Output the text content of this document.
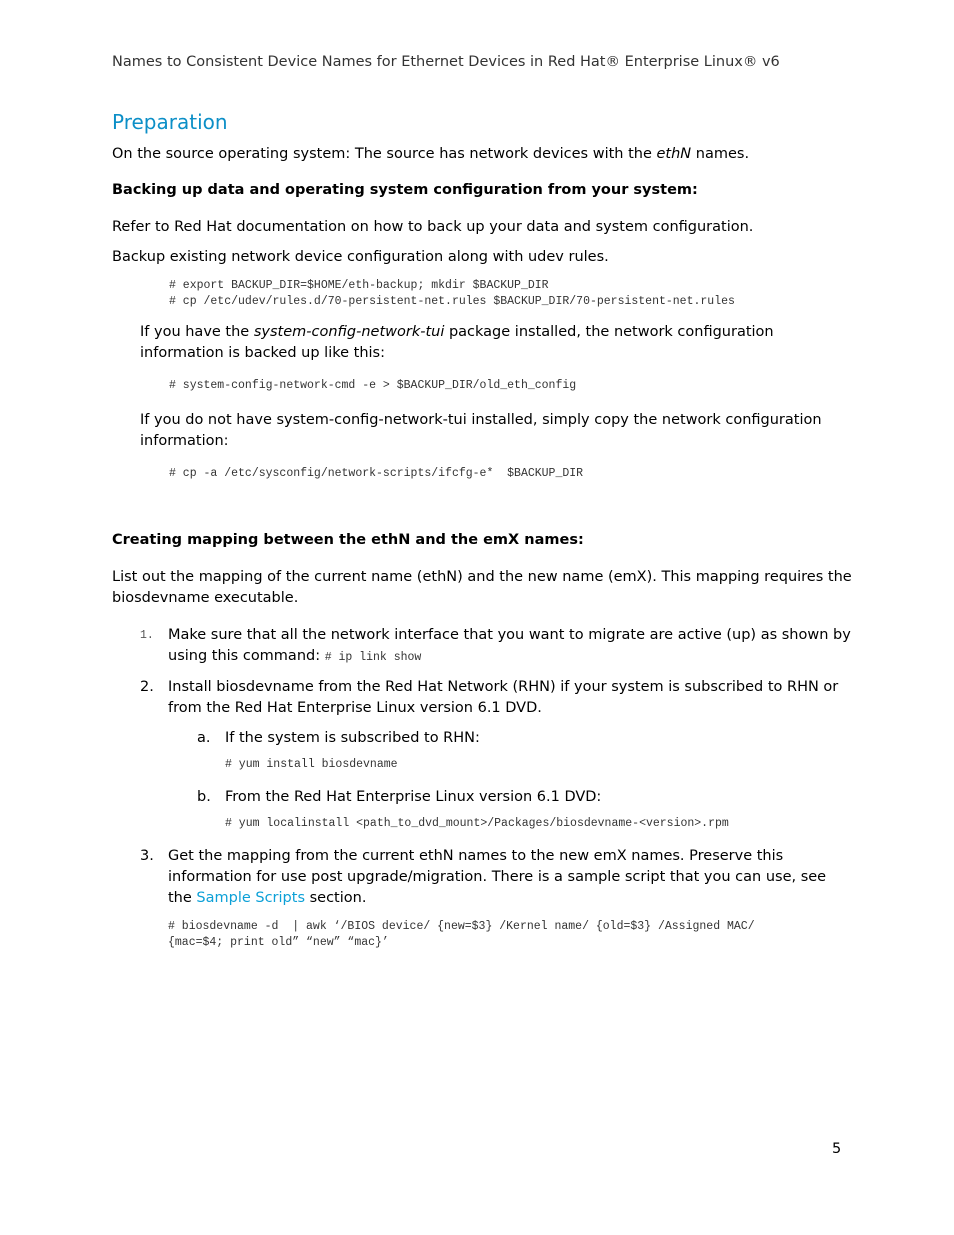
Names to Consistent Device Names for Ethernet Devices in Red Hat® Enterprise Linux® v6
Preparation

On the source operating system: The source has network devices with the ethN names.

Backing up data and operating system configuration from your system:

Refer to Red Hat documentation on how to back up your data and system configuration.

Backup existing network device configuration along with udev rules.

# export BACKUP_DIR=$HOME/eth-backup; mkdir $BACKUP_DIR
# cp /etc/udev/rules.d/70-persistent-net.rules $BACKUP_DIR/70-persistent-net.rules

If you have the system-config-network-tui package installed, the network configuration information is backed up like this:

# system-config-network-cmd -e > $BACKUP_DIR/old_eth_config

If you do not have system-config-network-tui installed, simply copy the network configuration information:

# cp -a /etc/sysconfig/network-scripts/ifcfg-e*  $BACKUP_DIR

Creating mapping between the ethN and the emX names:

List out the mapping of the current name (ethN) and the new name (emX). This mapping requires the biosdevname executable.

1. Make sure that all the network interface that you want to migrate are active (up) as shown by using this command: # ip link show

2. Install biosdevname from the Red Hat Network (RHN) if your system is subscribed to RHN or from the Red Hat Enterprise Linux version 6.1 DVD.

a. If the system is subscribed to RHN:

# yum install biosdevname
b. From the Red Hat Enterprise Linux version 6.1 DVD:

# yum localinstall <path_to_dvd_mount>/Packages/biosdevname-<version>.rpm
3. Get the mapping from the current ethN names to the new emX names. Preserve this information for use post upgrade/migration. There is a sample script that you can use, see the Sample Scripts section.

# biosdevname -d  | awk ‘/BIOS device/ {new=$3} /Kernel name/ {old=$3} /Assigned MAC/
{mac=$4; print old” “new” “mac}’
5
